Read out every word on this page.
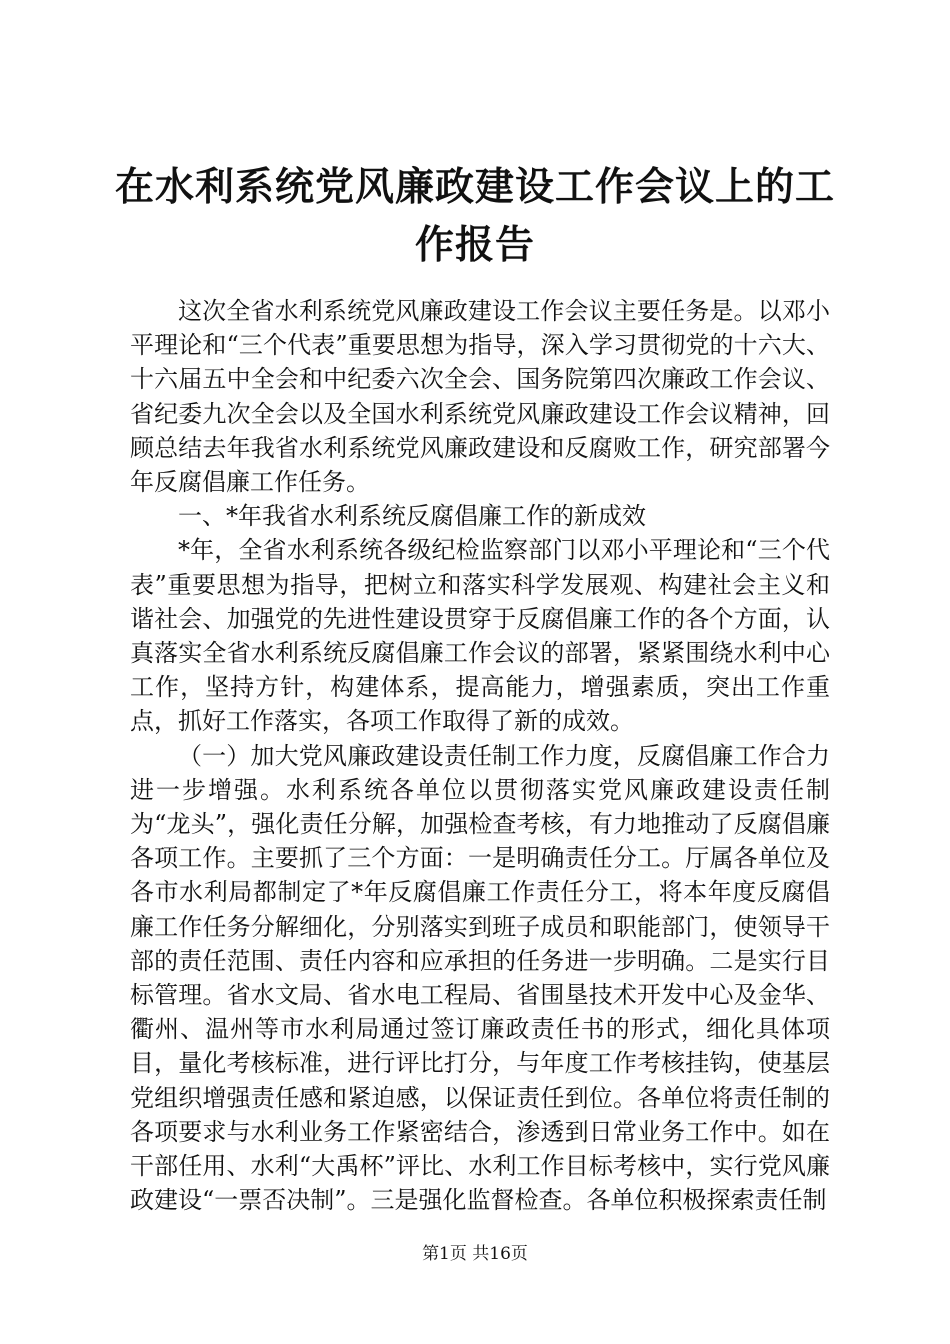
在水利系统党风廉政建设工作会议上的工作报告

这次全省水利系统党风廉政建设工作会议主要任务是。以邓小平理论和“三个代表”重要思想为指导，深入学习贯彻党的十六大、十六届五中全会和中纪委六次全会、国务院第四次廉政工作会议、省纪委九次全会以及全国水利系统党风廉政建设工作会议精神，回顾总结去年我省水利系统党风廉政建设和反腐败工作，研究部署今年反腐倡廉工作任务。

一、*年我省水利系统反腐倡廉工作的新成效

*年，全省水利系统各级纪检监察部门以邓小平理论和“三个代表”重要思想为指导，把树立和落实科学发展观、构建社会主义和谐社会、加强党的先进性建设贯穿于反腐倡廉工作的各个方面，认真落实全省水利系统反腐倡廉工作会议的部署，紧紧围绕水利中心工作，坚持方针，构建体系，提高能力，增强素质，突出工作重点，抓好工作落实，各项工作取得了新的成效。

（一）加大党风廉政建设责任制工作力度，反腐倡廉工作合力进一步增强。水利系统各单位以贯彻落实党风廉政建设责任制为“龙头”，强化责任分解，加强检查考核，有力地推动了反腐倡廉各项工作。主要抓了三个方面：一是明确责任分工。厅属各单位及各市水利局都制定了*年反腐倡廉工作责任分工，将本年度反腐倡廉工作任务分解细化，分别落实到班子成员和职能部门，使领导干部的责任范围、责任内容和应承担的任务进一步明确。二是实行目标管理。省水文局、省水电工程局、省围垦技术开发中心及金华、衢州、温州等市水利局通过签订廉政责任书的形式，细化具体项目，量化考核标准，进行评比打分，与年度工作考核挂钩，使基层党组织增强责任感和紧迫感，以保证责任到位。各单位将责任制的各项要求与水利业务工作紧密结合，渗透到日常业务工作中。如在干部任用、水利“大禹杯”评比、水利工作目标考核中，实行党风廉政建设“一票否决制”。三是强化监督检查。各单位积极探索责任制

第1页 共16页
